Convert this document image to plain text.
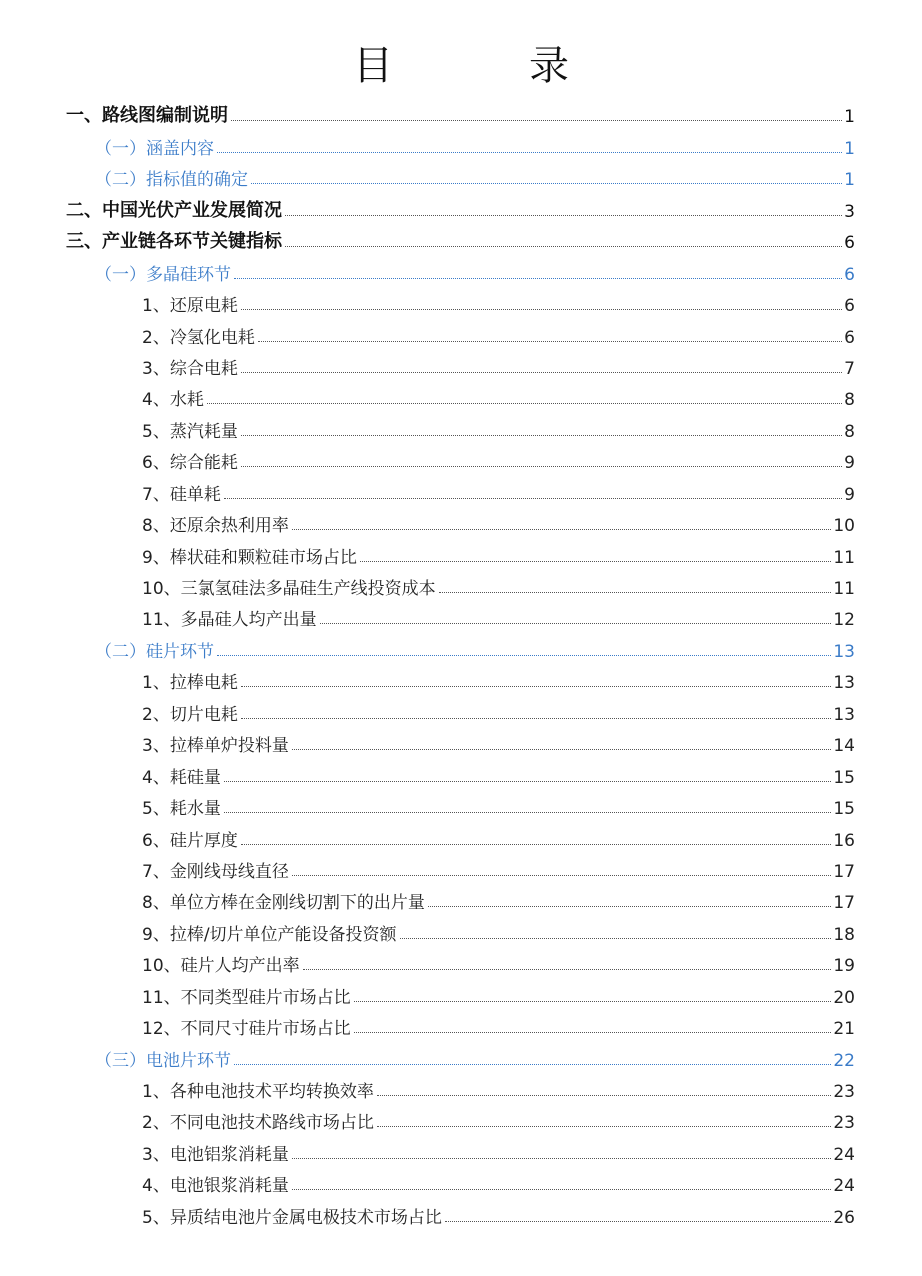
目　录
一、路线图编制说明	1
（一）涵盖内容	1
（二）指标值的确定	1
二、中国光伏产业发展简况	3
三、产业链各环节关键指标	6
（一）多晶硅环节	6
1、还原电耗	6
2、冷氢化电耗	6
3、综合电耗	7
4、水耗	8
5、蒸汽耗量	8
6、综合能耗	9
7、硅单耗	9
8、还原余热利用率	10
9、棒状硅和颗粒硅市场占比	11
10、三氯氢硅法多晶硅生产线投资成本	11
11、多晶硅人均产出量	12
（二）硅片环节	13
1、拉棒电耗	13
2、切片电耗	13
3、拉棒单炉投料量	14
4、耗硅量	15
5、耗水量	15
6、硅片厚度	16
7、金刚线母线直径	17
8、单位方棒在金刚线切割下的出片量	17
9、拉棒/切片单位产能设备投资额	18
10、硅片人均产出率	19
11、不同类型硅片市场占比	20
12、不同尺寸硅片市场占比	21
（三）电池片环节	22
1、各种电池技术平均转换效率	23
2、不同电池技术路线市场占比	23
3、电池铝浆消耗量	24
4、电池银浆消耗量	24
5、异质结电池片金属电极技术市场占比	26
